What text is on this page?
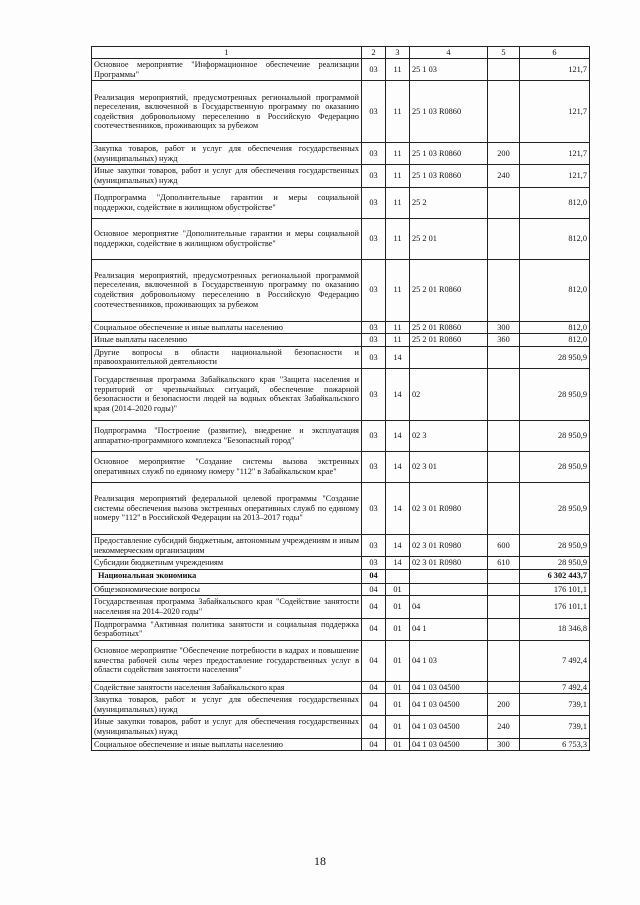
1	2	3	4	5	6
Основное мероприятие "Информационное обеспечение реализации Программы"	03	11	25 1 03		121,7
Реализация мероприятий, предусмотренных региональной программой переселения, включенной в Государственную программу по оказанию содействия добровольному переселению в Российскую Федерацию соотечественников, проживающих за рубежом	03	11	25 1 03 R0860		121,7
Закупка товаров, работ и услуг для обеспечения государственных (муниципальных) нужд	03	11	25 1 03 R0860	200	121,7
Иные закупки товаров, работ и услуг для обеспечения государственных (муниципальных) нужд	03	11	25 1 03 R0860	240	121,7
Подпрограмма "Дополнительные гарантии и меры социальной поддержки, содействие в жилищном обустройстве"	03	11	25 2		812,0
Основное мероприятие "Дополнительные гарантии и меры социальной поддержки, содействие в жилищном обустройстве"	03	11	25 2 01		812,0
Реализация мероприятий, предусмотренных региональной программой переселения, включенной в Государственную программу по оказанию содействия добровольному переселению в Российскую Федерацию соотечественников, проживающих за рубежом	03	11	25 2 01 R0860		812,0
Социальное обеспечение и иные выплаты населению	03	11	25 2 01 R0860	300	812,0
Иные выплаты населению	03	11	25 2 01 R0860	360	812,0
Другие вопросы в области национальной безопасности и правоохранительной деятельности	03	14			28 950,9
Государственная программа Забайкальского края "Защита населения и территорий от чрезвычайных ситуаций, обеспечение пожарной безопасности и безопасности людей на водных объектах Забайкальского края (2014–2020 годы)"	03	14	02		28 950,9
Подпрограмма "Построение (развитие), внедрение и эксплуатация аппаратно-программного комплекса "Безопасный город"	03	14	02 3		28 950,9
Основное мероприятие "Создание системы вызова экстренных оперативных служб по единому номеру "112" в Забайкальском крае"	03	14	02 3 01		28 950,9
Реализация мероприятий федеральной целевой программы "Создание системы обеспечения вызова экстренных оперативных служб по единому номеру "112" в Российской Федерации на 2013–2017 годы"	03	14	02 3 01 R0980		28 950,9
Предоставление субсидий бюджетным, автономным учреждениям и иным некоммерческим организациям	03	14	02 3 01 R0980	600	28 950,9
Субсидии бюджетным учреждениям	03	14	02 3 01 R0980	610	28 950,9
Национальная экономика	04				6 302 443,7
Общеэкономические вопросы	04	01			176 101,1
Государственная программа Забайкальского края "Содействие занятости населения на 2014–2020 годы"	04	01	04		176 101,1
Подпрограмма "Активная политика занятости и социальная поддержка безработных"	04	01	04 1		18 346,8
Основное мероприятие "Обеспечение потребности в кадрах и повышение качества рабочей силы через предоставление государственных услуг в области содействия занятости населения"	04	01	04 1 03		7 492,4
Содействие занятости населения Забайкальского края	04	01	04 1 03 04500		7 492,4
Закупка товаров, работ и услуг для обеспечения государственных (муниципальных) нужд	04	01	04 1 03 04500	200	739,1
Иные закупки товаров, работ и услуг для обеспечения государственных (муниципальных) нужд	04	01	04 1 03 04500	240	739,1
Социальное обеспечение и иные выплаты населению	04	01	04 1 03 04500	300	6 753,3
18
